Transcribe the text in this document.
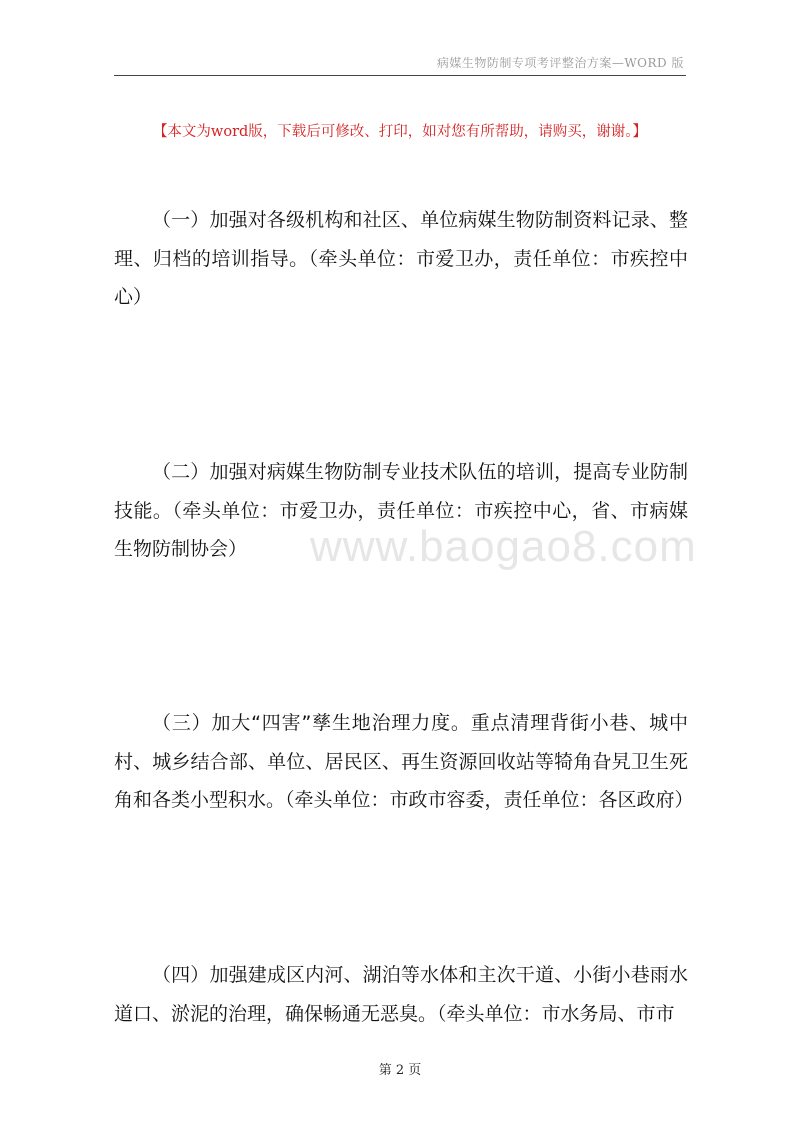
病媒生物防制专项考评整治方案—WORD 版
【本文为word版，下载后可修改、打印，如对您有所帮助，请购买，谢谢。】
www.baogao8.com

（一）加强对各级机构和社区、单位病媒生物防制资料记录、整理、归档的培训指导。（牵头单位：市爱卫办，责任单位：市疾控中心）

（二）加强对病媒生物防制专业技术队伍的培训，提高专业防制技能。（牵头单位：市爱卫办，责任单位：市疾控中心，省、市病媒生物防制协会）

（三）加大“四害”孳生地治理力度。重点清理背街小巷、城中村、城乡结合部、单位、居民区、再生资源回收站等犄角旮旯卫生死角和各类小型积水。（牵头单位：市政市容委，责任单位：各区政府）

（四）加强建成区内河、湖泊等水体和主次干道、小街小巷雨水道口、淤泥的治理，确保畅通无恶臭。（牵头单位：市水务局、市市

第 2 页
